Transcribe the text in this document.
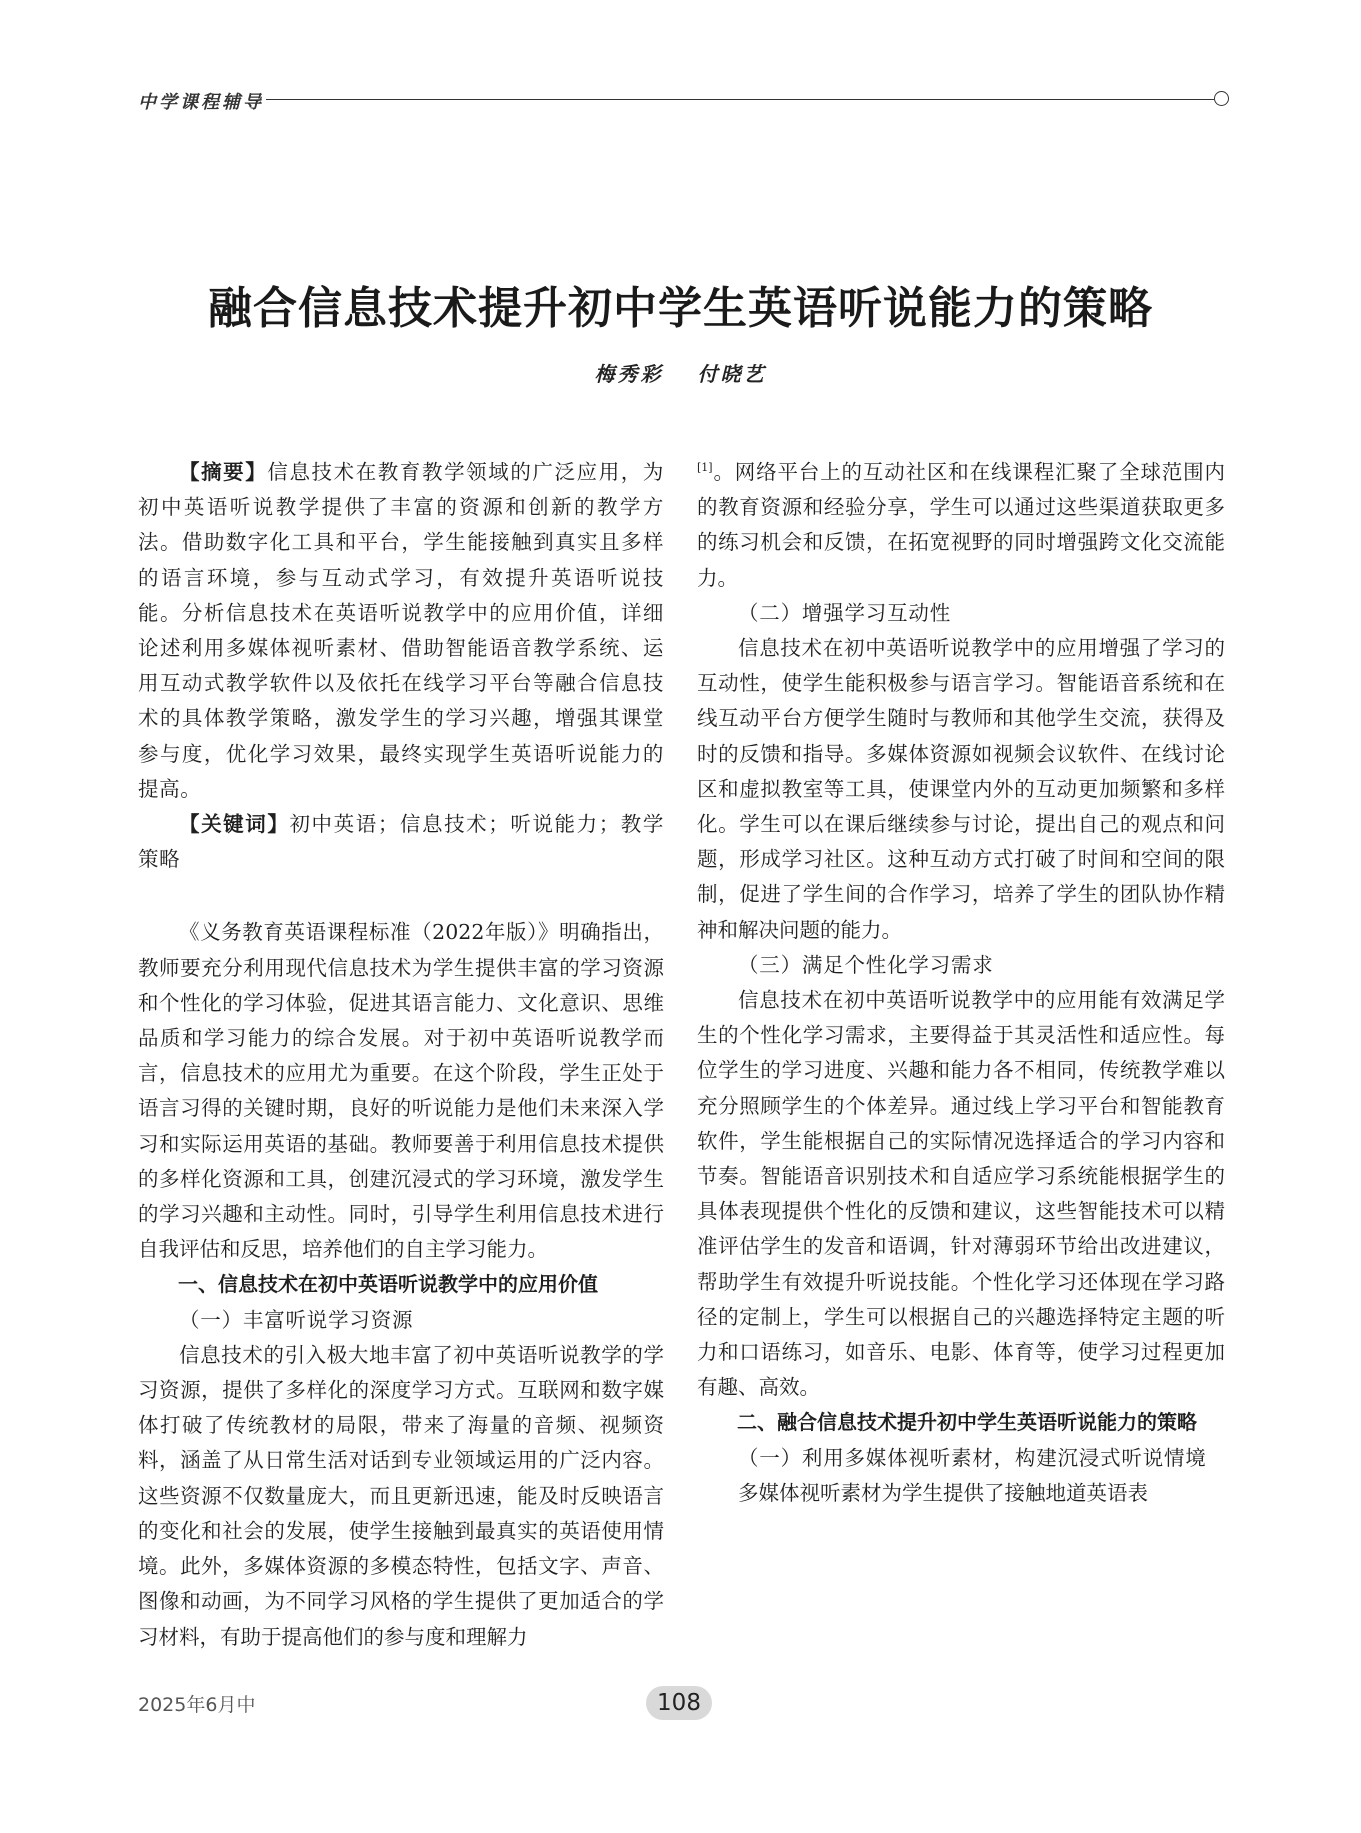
中学课程辅导
融合信息技术提升初中学生英语听说能力的策略
梅秀彩 付晓艺

【摘要】信息技术在教育教学领域的广泛应用，为初中英语听说教学提供了丰富的资源和创新的教学方法。借助数字化工具和平台，学生能接触到真实且多样的语言环境，参与互动式学习，有效提升英语听说技能。分析信息技术在英语听说教学中的应用价值，详细论述利用多媒体视听素材、借助智能语音教学系统、运用互动式教学软件以及依托在线学习平台等融合信息技术的具体教学策略，激发学生的学习兴趣，增强其课堂参与度，优化学习效果，最终实现学生英语听说能力的提高。

【关键词】初中英语；信息技术；听说能力；教学策略

《义务教育英语课程标准（2022年版）》明确指出，教师要充分利用现代信息技术为学生提供丰富的学习资源和个性化的学习体验，促进其语言能力、文化意识、思维品质和学习能力的综合发展。对于初中英语听说教学而言，信息技术的应用尤为重要。在这个阶段，学生正处于语言习得的关键时期，良好的听说能力是他们未来深入学习和实际运用英语的基础。教师要善于利用信息技术提供的多样化资源和工具，创建沉浸式的学习环境，激发学生的学习兴趣和主动性。同时，引导学生利用信息技术进行自我评估和反思，培养他们的自主学习能力。

一、信息技术在初中英语听说教学中的应用价值

（一）丰富听说学习资源

信息技术的引入极大地丰富了初中英语听说教学的学习资源，提供了多样化的深度学习方式。互联网和数字媒体打破了传统教材的局限，带来了海量的音频、视频资料，涵盖了从日常生活对话到专业领域运用的广泛内容。这些资源不仅数量庞大，而且更新迅速，能及时反映语言的变化和社会的发展，使学生接触到最真实的英语使用情境。此外，多媒体资源的多模态特性，包括文字、声音、图像和动画，为不同学习风格的学生提供了更加适合的学习材料，有助于提高他们的参与度和理解力

[1]。网络平台上的互动社区和在线课程汇聚了全球范围内的教育资源和经验分享，学生可以通过这些渠道获取更多的练习机会和反馈，在拓宽视野的同时增强跨文化交流能力。

（二）增强学习互动性

信息技术在初中英语听说教学中的应用增强了学习的互动性，使学生能积极参与语言学习。智能语音系统和在线互动平台方便学生随时与教师和其他学生交流，获得及时的反馈和指导。多媒体资源如视频会议软件、在线讨论区和虚拟教室等工具，使课堂内外的互动更加频繁和多样化。学生可以在课后继续参与讨论，提出自己的观点和问题，形成学习社区。这种互动方式打破了时间和空间的限制，促进了学生间的合作学习，培养了学生的团队协作精神和解决问题的能力。

（三）满足个性化学习需求

信息技术在初中英语听说教学中的应用能有效满足学生的个性化学习需求，主要得益于其灵活性和适应性。每位学生的学习进度、兴趣和能力各不相同，传统教学难以充分照顾学生的个体差异。通过线上学习平台和智能教育软件，学生能根据自己的实际情况选择适合的学习内容和节奏。智能语音识别技术和自适应学习系统能根据学生的具体表现提供个性化的反馈和建议，这些智能技术可以精准评估学生的发音和语调，针对薄弱环节给出改进建议，帮助学生有效提升听说技能。个性化学习还体现在学习路径的定制上，学生可以根据自己的兴趣选择特定主题的听力和口语练习，如音乐、电影、体育等，使学习过程更加有趣、高效。

二、融合信息技术提升初中学生英语听说能力的策略

（一）利用多媒体视听素材，构建沉浸式听说情境

多媒体视听素材为学生提供了接触地道英语表

2025年6月中	108
